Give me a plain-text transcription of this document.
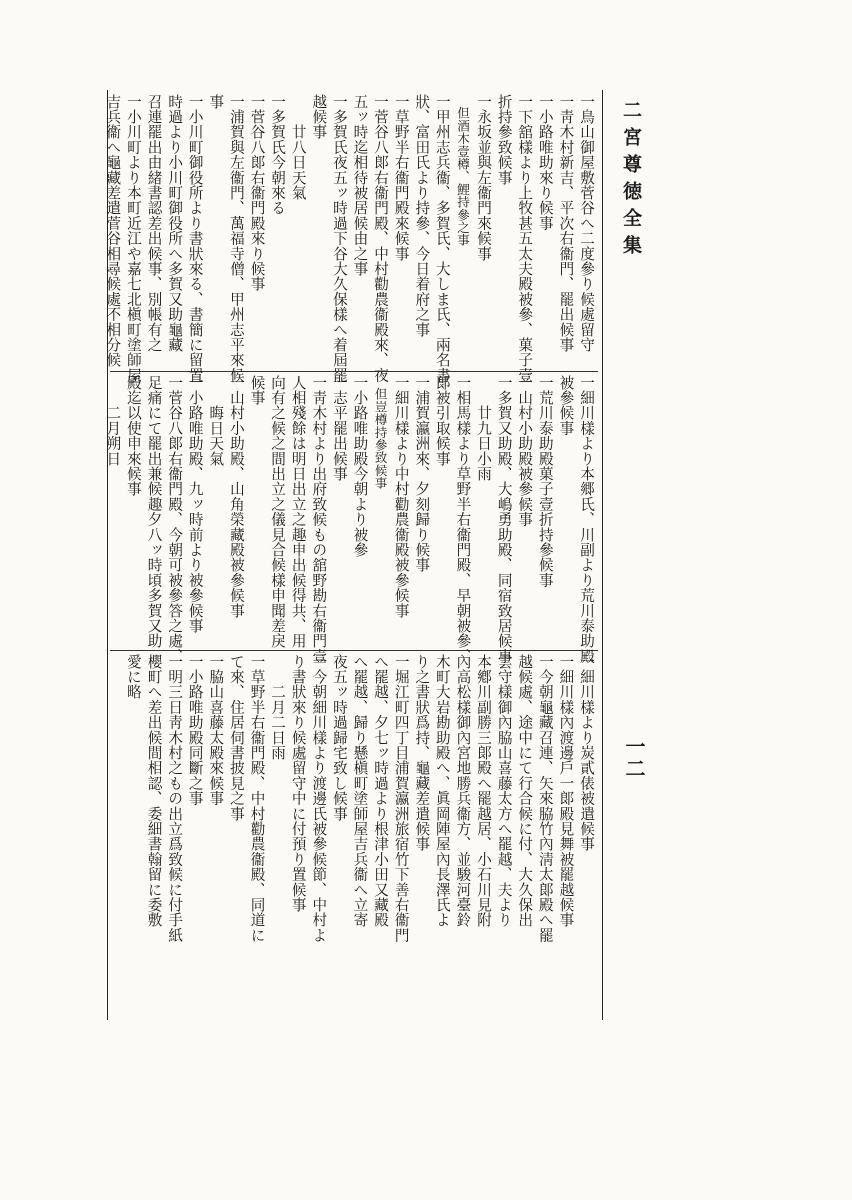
二宮尊徳全集
一二
一鳥山御屋敷菅谷へ二度參り候處留守
一靑木村新吉、平次右衞門、罷出候事
一小路唯助來り候事
一下舘樣より上牧甚五太夫殿被參、菓子壹
折持參致候事
一永坂並與左衞門來候事
　但酒木壹樽、鯉持參之事
一甲州志兵衞、多賀氏、大しま氏、兩名書
狀、富田氏より持參、今日着府之事
一草野半右衞門殿來候事
一菅谷八郞右衞門殿、中村勸農衞殿來、夜
五ッ時迄相待被居候由之事
一多賀氏夜五ッ時過下谷大久保樣へ着屆罷
越候事
　　廿八日天氣
一多賀氏今朝來る
一菅谷八郞右衞門殿來り候事
一浦賀與左衞門、萬福寺僧、甲州志平來候
事
一小川町御役所より書狀來る、書簡に留置
時過より小川町御役所へ多賀又助龜藏
召連罷出由緒書認差出候事、別帳有之
一小川町より本町近江や嘉七北槇町塗師屋
吉兵衞へ龜藏差遣菅谷相尋候處不相分候
一細川樣より本郷氏、川副より荒川泰助殿
被參候事
一荒川泰助殿菓子壹折持參候事
一山村小助殿被參候事
一多賀又助殿、大嶋勇助殿、同宿致居候事
　　廿九日小雨
一相馬樣より草野半右衞門殿、早朝被參、
郞被引取候事
一浦賀瀛洲來、夕刻歸り候事
一細川樣より中村勸農衞殿被參候事
　但豈樽持參致候事
一小路唯助殿今朝より被參
一志平罷出候事
一靑木村より出府致候もの舘野勘右衞門壹
人相殘餘は明日出立之趣申出候得共、用
向有之候之間出立之儀見合候樣申聞差戾
候事
一山村小助殿、山角榮藏殿被參候事
　　晦日天氣
一小路唯助殿、九ッ時前より被參候事
一菅谷八郞右衞門殿、今朝可被參答之處、
足痛にて罷出兼候趣夕八ッ時頃多賀又助
殿迄以使申來候事
　　二月朔日
一細川樣より炭貳俵被遣候事
一細川樣內渡邊戶一郞殿見舞被罷越候事
一今朝龜藏召連、矢來脇竹內淸太郞殿へ罷
越候處、途中にて行合候に付、大久保出
雲守樣御內脇山喜藤太方へ罷越、夫より
本鄕川副勝三郞殿へ罷越居、小石川見附
內高松樣御內宮地勝兵衞方、並駿河臺鈴
木町大岩勘助殿へ、眞岡陣屋內長澤氏よ
り之書狀爲持、龜藏差遣候事
一堀江町四丁目浦賀瀛洲旅宿竹下善右衞門
へ罷越、夕七ッ時過より根津小田又藏殿
へ罷越、歸り懸槇町塗師屋吉兵衞へ立寄
夜五ッ時過歸宅致し候事
一今朝細川樣より渡邊氏被參候節、中村よ
り書狀來り候處留守中に付預り置候事
　　二月二日雨
一草野半右衞門殿、中村勸農衞殿、同道に
て來、住居伺書披見之事
一脇山喜藤太殿來候事
一小路唯助殿同斷之事
一明三日靑木村之もの出立爲致候に付手紙
櫻町へ差出候間相認、委細書翰留に委敷
愛に略
